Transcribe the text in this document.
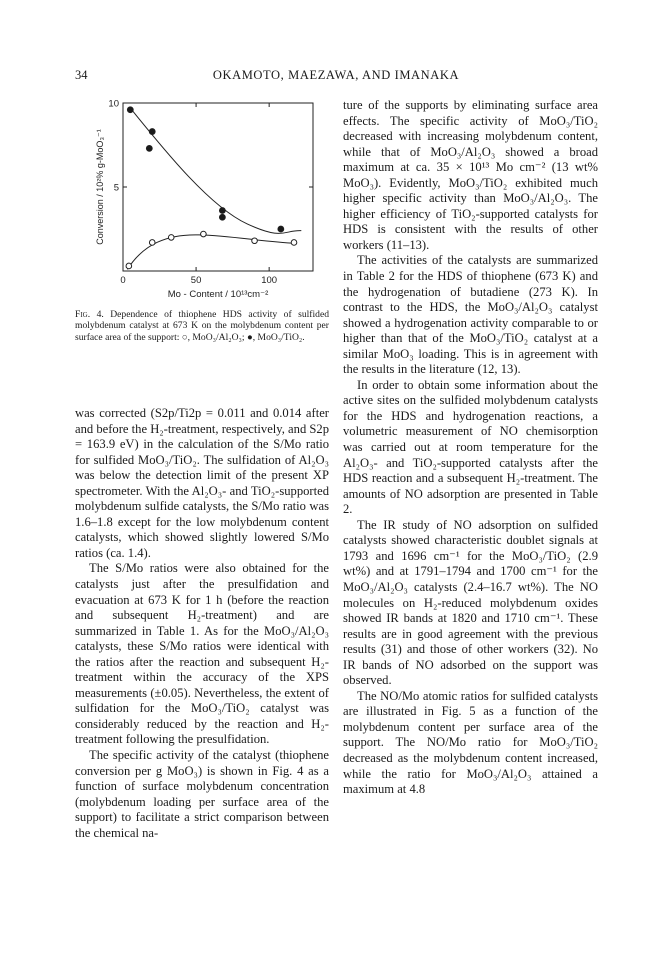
34	OKAMOTO, MAEZAWA, AND IMANAKA
0	50	100
5
10
Mo - Content / 10¹³cm⁻²
Conversion / 10²% g-MoO₃⁻¹
Fig. 4. Dependence of thiophene HDS activity of sulfided molybdenum catalyst at 673 K on the molybdenum content per surface area of the support: ○, MoO₃/Al₂O₃; ●, MoO₃/TiO₂.

was corrected (S2p/Ti2p = 0.011 and 0.014 after and before the H₂-treatment, respectively, and S2p = 163.9 eV) in the calculation of the S/Mo ratio for sulfided MoO₃/TiO₂. The sulfidation of Al₂O₃ was below the detection limit of the present XP spectrometer. With the Al₂O₃- and TiO₂-supported molybdenum sulfide catalysts, the S/Mo ratio was 1.6–1.8 except for the low molybdenum content catalysts, which showed slightly lowered S/Mo ratios (ca. 1.4).

The S/Mo ratios were also obtained for the catalysts just after the presulfidation and evacuation at 673 K for 1 h (before the reaction and subsequent H₂-treatment) and are summarized in Table 1. As for the MoO₃/Al₂O₃ catalysts, these S/Mo ratios were identical with the ratios after the reaction and subsequent H₂-treatment within the accuracy of the XPS measurements (±0.05). Nevertheless, the extent of sulfidation for the MoO₃/TiO₂ catalyst was considerably reduced by the reaction and H₂-treatment following the presulfidation.

The specific activity of the catalyst (thiophene conversion per g MoO₃) is shown in Fig. 4 as a function of surface molybdenum concentration (molybdenum loading per surface area of the support) to facilitate a strict comparison between the chemical na-

ture of the supports by eliminating surface area effects. The specific activity of MoO₃/TiO₂ decreased with increasing molybdenum content, while that of MoO₃/Al₂O₃ showed a broad maximum at ca. 35 × 10¹³ Mo cm⁻² (13 wt% MoO₃). Evidently, MoO₃/TiO₂ exhibited much higher specific activity than MoO₃/Al₂O₃. The higher efficiency of TiO₂-supported catalysts for HDS is consistent with the results of other workers (11–13).

The activities of the catalysts are summarized in Table 2 for the HDS of thiophene (673 K) and the hydrogenation of butadiene (273 K). In contrast to the HDS, the MoO₃/Al₂O₃ catalyst showed a hydrogenation activity comparable to or higher than that of the MoO₃/TiO₂ catalyst at a similar MoO₃ loading. This is in agreement with the results in the literature (12, 13).

In order to obtain some information about the active sites on the sulfided molybdenum catalysts for the HDS and hydrogenation reactions, a volumetric measurement of NO chemisorption was carried out at room temperature for the Al₂O₃- and TiO₂-supported catalysts after the HDS reaction and a subsequent H₂-treatment. The amounts of NO adsorption are presented in Table 2.

The IR study of NO adsorption on sulfided catalysts showed characteristic doublet signals at 1793 and 1696 cm⁻¹ for the MoO₃/TiO₂ (2.9 wt%) and at 1791–1794 and 1700 cm⁻¹ for the MoO₃/Al₂O₃ catalysts (2.4–16.7 wt%). The NO molecules on H₂-reduced molybdenum oxides showed IR bands at 1820 and 1710 cm⁻¹. These results are in good agreement with the previous results (31) and those of other workers (32). No IR bands of NO adsorbed on the support was observed.

The NO/Mo atomic ratios for sulfided catalysts are illustrated in Fig. 5 as a function of the molybdenum content per surface area of the support. The NO/Mo ratio for MoO₃/TiO₂ decreased as the molybdenum content increased, while the ratio for MoO₃/Al₂O₃ attained a maximum at 4.8
